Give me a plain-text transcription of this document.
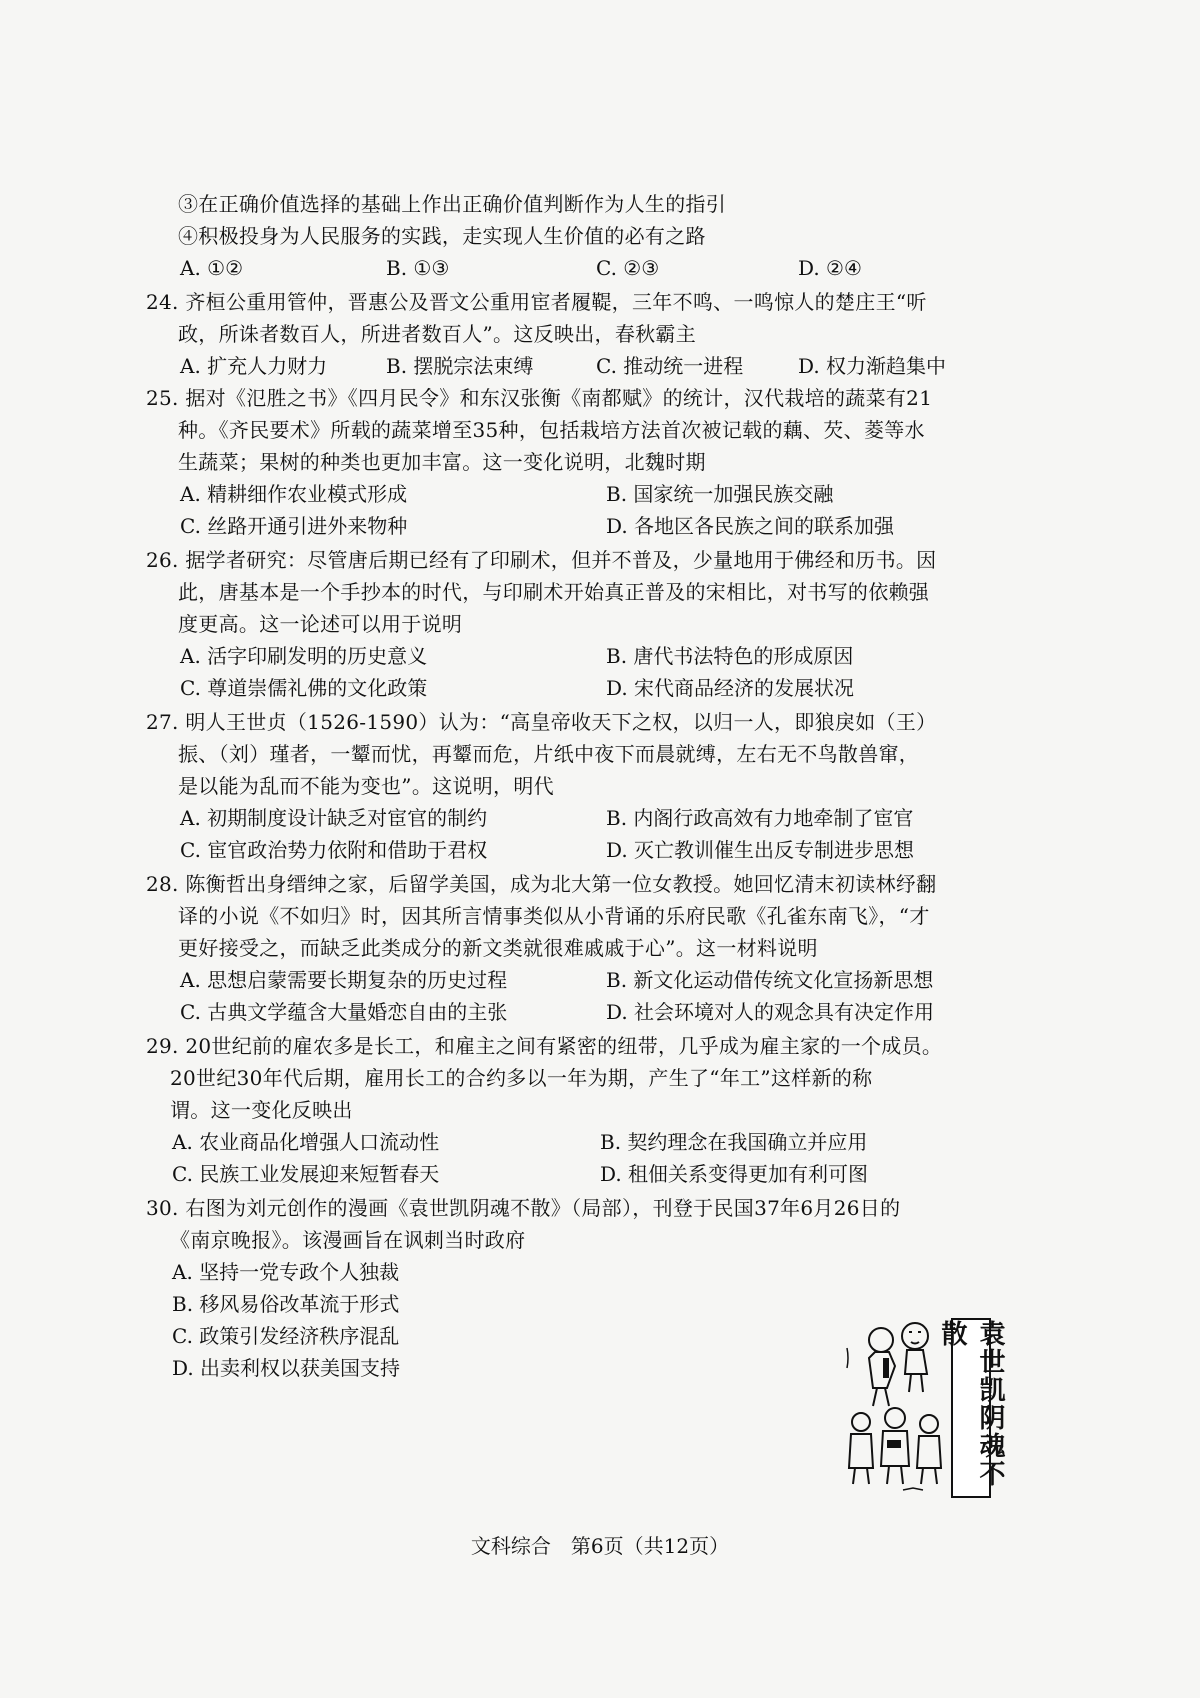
③在正确价值选择的基础上作出正确价值判断作为人生的指引
④积极投身为人民服务的实践，走实现人生价值的必有之路
A. ①②	B. ①③	C. ②③	D. ②④
24. 齐桓公重用管仲，晋惠公及晋文公重用宦者履鞮，三年不鸣、一鸣惊人的楚庄王“听
政，所诛者数百人，所进者数百人”。这反映出，春秋霸主
A. 扩充人力财力	B. 摆脱宗法束缚	C. 推动统一进程	D. 权力渐趋集中
25. 据对《氾胜之书》《四月民令》和东汉张衡《南都赋》的统计，汉代栽培的蔬菜有21
种。《齐民要术》所载的蔬菜增至35种，包括栽培方法首次被记载的藕、芡、菱等水
生蔬菜；果树的种类也更加丰富。这一变化说明，北魏时期
A. 精耕细作农业模式形成	B. 国家统一加强民族交融
C. 丝路开通引进外来物种	D. 各地区各民族之间的联系加强
26. 据学者研究：尽管唐后期已经有了印刷术，但并不普及，少量地用于佛经和历书。因
此，唐基本是一个手抄本的时代，与印刷术开始真正普及的宋相比，对书写的依赖强
度更高。这一论述可以用于说明
A. 活字印刷发明的历史意义	B. 唐代书法特色的形成原因
C. 尊道崇儒礼佛的文化政策	D. 宋代商品经济的发展状况
27. 明人王世贞（1526-1590）认为：“高皇帝收天下之权，以归一人，即狼戾如（王）
振、（刘）瑾者，一颦而忧，再颦而危，片纸中夜下而晨就缚，左右无不鸟散兽窜，
是以能为乱而不能为变也”。这说明，明代
A. 初期制度设计缺乏对宦官的制约	B. 内阁行政高效有力地牵制了宦官
C. 宦官政治势力依附和借助于君权	D. 灭亡教训催生出反专制进步思想
28. 陈衡哲出身缙绅之家，后留学美国，成为北大第一位女教授。她回忆清末初读林纾翻
译的小说《不如归》时，因其所言情事类似从小背诵的乐府民歌《孔雀东南飞》，“才
更好接受之，而缺乏此类成分的新文类就很难戚戚于心”。这一材料说明
A. 思想启蒙需要长期复杂的历史过程	B. 新文化运动借传统文化宣扬新思想
C. 古典文学蕴含大量婚恋自由的主张	D. 社会环境对人的观念具有决定作用
29. 20世纪前的雇农多是长工，和雇主之间有紧密的纽带，几乎成为雇主家的一个成员。
20世纪30年代后期，雇用长工的合约多以一年为期，产生了“年工”这样新的称
谓。这一变化反映出
A. 农业商品化增强人口流动性	B. 契约理念在我国确立并应用
C. 民族工业发展迎来短暂春天	D. 租佃关系变得更加有利可图
30. 右图为刘元创作的漫画《袁世凯阴魂不散》（局部），刊登于民国37年6月26日的
《南京晚报》。该漫画旨在讽刺当时政府
A. 坚持一党专政个人独裁
B. 移风易俗改革流于形式
C. 政策引发经济秩序混乱
D. 出卖利权以获美国支持	袁世凯阴魂不散
文科综合　第6页（共12页）
